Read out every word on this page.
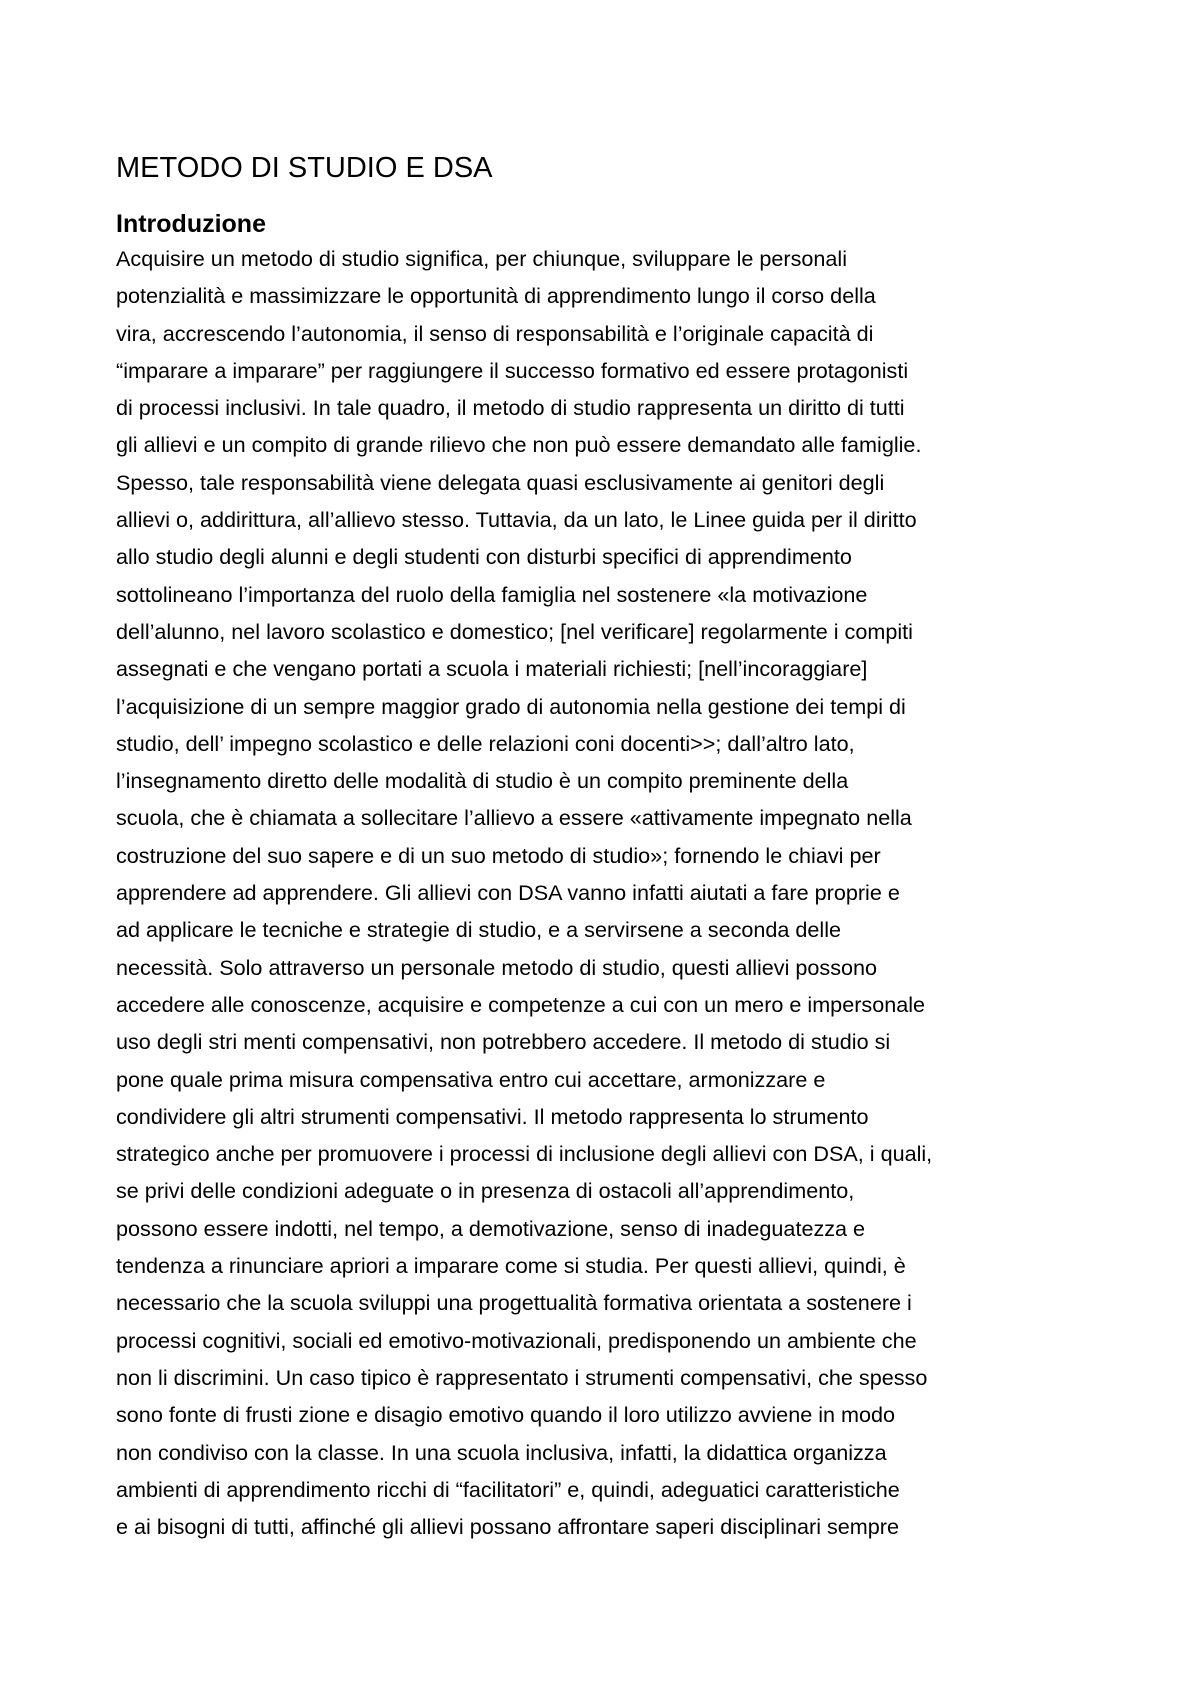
METODO DI STUDIO E DSA
Introduzione
Acquisire un metodo di studio significa, per chiunque, sviluppare le personali
potenzialità e massimizzare le opportunità di apprendimento lungo il corso della
vira, accrescendo l’autonomia, il senso di responsabilità e l’originale capacità di
“imparare a imparare” per raggiungere il successo formativo ed essere protagonisti
di processi inclusivi. In tale quadro, il metodo di studio rappresenta un diritto di tutti
gli allievi e un compito di grande rilievo che non può essere demandato alle famiglie.
Spesso, tale responsabilità viene delegata quasi esclusivamente ai genitori degli
allievi o, addirittura, all’allievo stesso. Tuttavia, da un lato, le Linee guida per il diritto
allo studio degli alunni e degli studenti con disturbi specifici di apprendimento
sottolineano l’importanza del ruolo della famiglia nel sostenere «la motivazione
dell’alunno, nel lavoro scolastico e domestico; [nel verificare] regolarmente i compiti
assegnati e che vengano portati a scuola i materiali richiesti; [nell’incoraggiare]
l’acquisizione di un sempre maggior grado di autonomia nella gestione dei tempi di
studio, dell’ impegno scolastico e delle relazioni coni docenti>>; dall’altro lato,
l’insegnamento diretto delle modalità di studio è un compito preminente della
scuola, che è chiamata a sollecitare l’allievo a essere «attivamente impegnato nella
costruzione del suo sapere e di un suo metodo di studio»; fornendo le chiavi per
apprendere ad apprendere. Gli allievi con DSA vanno infatti aiutati a fare proprie e
ad applicare le tecniche e strategie di studio, e a servirsene a seconda delle
necessità. Solo attraverso un personale metodo di studio, questi allievi possono
accedere alle conoscenze, acquisire e competenze a cui con un mero e impersonale
uso degli stri menti compensativi, non potrebbero accedere. Il metodo di studio si
pone quale prima misura compensativa entro cui accettare, armonizzare e
condividere gli altri strumenti compensativi. Il metodo rappresenta lo strumento
strategico anche per promuovere i processi di inclusione degli allievi con DSA, i quali,
se privi delle condizioni adeguate o in presenza di ostacoli all’apprendimento,
possono essere indotti, nel tempo, a demotivazione, senso di inadeguatezza e
tendenza a rinunciare apriori a imparare come si studia. Per questi allievi, quindi, è
necessario che la scuola sviluppi una progettualità formativa orientata a sostenere i
processi cognitivi, sociali ed emotivo-motivazionali, predisponendo un ambiente che
non li discrimini. Un caso tipico è rappresentato i strumenti compensativi, che spesso
sono fonte di frusti zione e disagio emotivo quando il loro utilizzo avviene in modo
non condiviso con la classe. In una scuola inclusiva, infatti, la didattica organizza
ambienti di apprendimento ricchi di “facilitatori” e, quindi, adeguatici caratteristiche
e ai bisogni di tutti, affinché gli allievi possano affrontare saperi disciplinari sempre
